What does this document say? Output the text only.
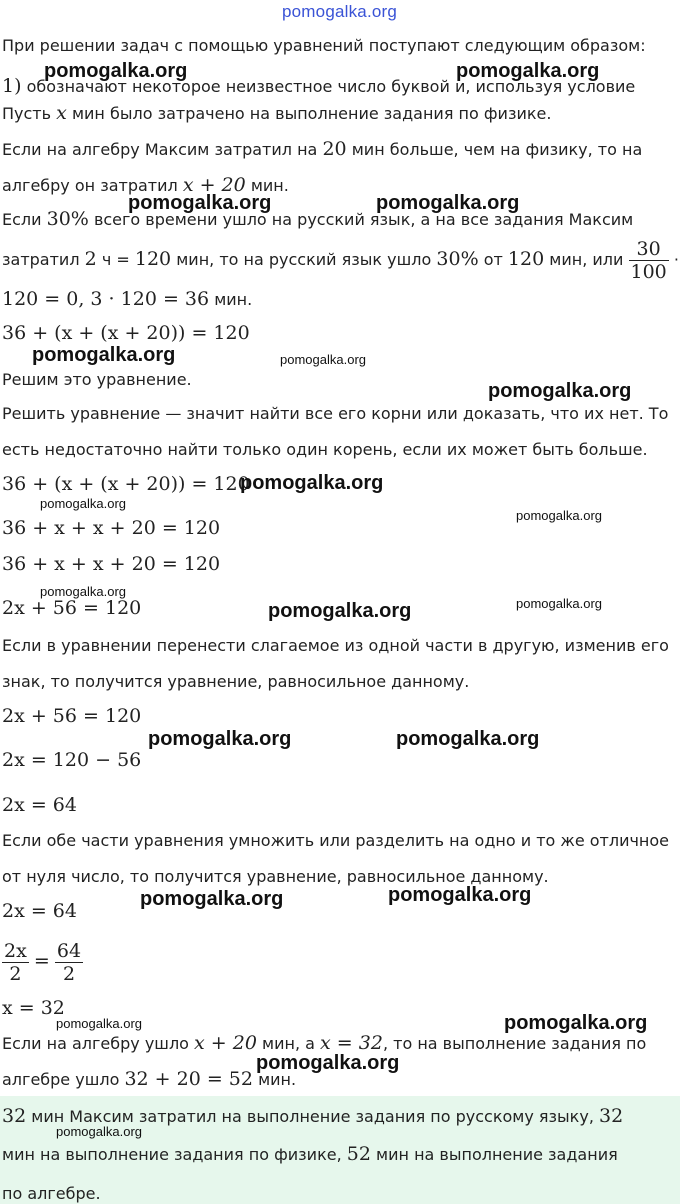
pomogalka.org
При решении задач с помощью уравнений поступают следующим образом:
1) обозначают некоторое неизвестное число буквой и, используя условие
Пусть x мин было затрачено на выполнение задания по физике.
Если на алгебру Максим затратил на 20 мин больше, чем на физику, то на
алгебру он затратил x + 20 мин.
Если 30% всего времени ушло на русский язык, а на все задания Максим
затратил 2 ч = 120 мин, то на русский язык ушло 30% от 120 мин, или $\frac{30}{100}$ ·
120 = 0, 3 · 120 = 36 мин.
36 + (x + (x + 20)) = 120
Решим это уравнение.
Решить уравнение — значит найти все его корни или доказать, что их нет. То
есть недостаточно найти только один корень, если их может быть больше.
36 + (x + (x + 20)) = 120
36 + x + x + 20 = 120
36 + x + x + 20 = 120
2x + 56 = 120
Если в уравнении перенести слагаемое из одной части в другую, изменив его
знак, то получится уравнение, равносильное данному.
2x + 56 = 120
2x = 120 − 56
2x = 64
Если обе части уравнения умножить или разделить на одно и то же отличное
от нуля число, то получится уравнение, равносильное данному.
2x = 64
$\frac{2x}{2} = \frac{64}{2}$
x = 32
Если на алгебру ушло x + 20 мин, а x = 32, то на выполнение задания по
алгебре ушло 32 + 20 = 52 мин.
32 мин Максим затратил на выполнение задания по русскому языку, 32
мин на выполнение задания по физике, 52 мин на выполнение задания
по алгебре.
pomogalka.org	pomogalka.org
pomogalka.org	pomogalka.org
pomogalka.org	pomogalka.org
pomogalka.org
pomogalka.org
pomogalka.org
pomogalka.org
pomogalka.org
pomogalka.org
pomogalka.org
pomogalka.org	pomogalka.org
pomogalka.org	pomogalka.org
pomogalka.org	pomogalka.org
pomogalka.org
pomogalka.org
